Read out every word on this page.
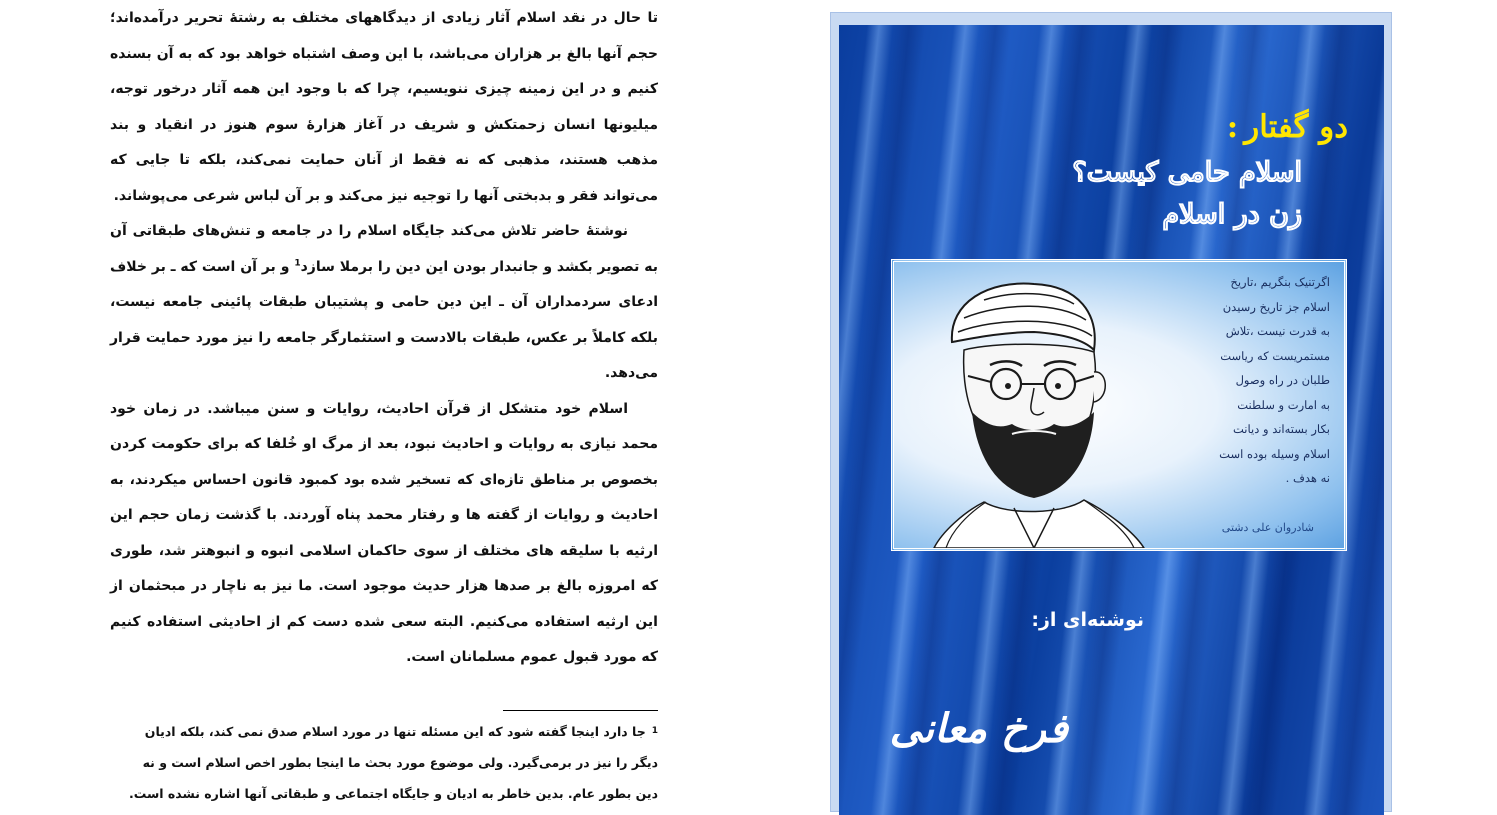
تا حال در نقد اسلام آثار زیادی از دیدگاههای مختلف به رشتهٔ تحریر درآمده‌اند؛ حجم آنها بالغ بر هزاران می‌باشد، با این وصف اشتباه خواهد بود که به آن بسنده کنیم و در این زمینه چیزی ننویسیم، چرا که با وجود این همه آثار درخور توجه، میلیونها انسان زحمتکش و شریف در آغاز هزارهٔ سوم هنوز در انقیاد و بند مذهب هستند، مذهبی که نه فقط از آنان حمایت نمی‌کند، بلکه تا جایی که می‌تواند فقر و بدبختی آنها را توجیه نیز می‌کند و بر آن لباس شرعی می‌پوشاند.

نوشتهٔ حاضر تلاش می‌کند جایگاه اسلام را در جامعه و تنش‌های طبقاتی آن به تصویر بکشد و جانبدار بودن این دین را برملا سازد$^1$ و بر آن است که ـ بر خلاف ادعای سردمداران آن ـ این دین حامی و پشتیبان طبقات پائینی جامعه نیست، بلکه کاملاً بر عکس، طبقات بالادست و استثمارگر جامعه را نیز مورد حمایت قرار می‌دهد.

اسلام خود متشکل از قرآن احادیث، روایات و سنن میباشد. در زمان خود محمد نیازی به روایات و احادیث نبود، بعد از مرگ او خُلفا که برای حکومت کردن بخصوص بر مناطق تازه‌ای که تسخیر شده بود کمبود قانون احساس میکردند، به احادیث و روایات از گفته ها و رفتار محمد پناه آوردند. با گذشت زمان حجم این ارثیه با سلیقه های مختلف از سوی حاکمان اسلامی انبوه و انبوهتر شد، طوری که امروزه بالغ بر صدها هزار حدیث موجود است. ما نیز به ناچار در مبحثمان از این ارثیه استفاده می‌کنیم. البته سعی شده دست کم از احادیثی استفاده کنیم که مورد قبول عموم مسلمانان است.

$^1$جا دارد اینجا گفته شود که این مسئله تنها در مورد اسلام صدق نمی کند، بلکه ادیان دیگر را نیز در برمی‌گیرد. ولی موضوع مورد بحث ما اینجا بطور اخص اسلام است و نه دین بطور عام. بدین خاطر به ادیان و جایگاه اجتماعی و طبقاتی آنها اشاره نشده است.

دو گفتار:
اسلام حامی کیست؟
زن در اسلام
اگرتنیک بنگریم ،تاریخ
اسلام جز تاریخ رسیدن
به قدرت نیست ،تلاش
مستمریست که ریاست
طلبان در راه وصول
به امارت و سلطنت
بکار بسته‌اند و دیانت
اسلام وسیله بوده است
نه هدف .
شادروان علی دشتی
نوشته‌ای از:
فرخ معانی
